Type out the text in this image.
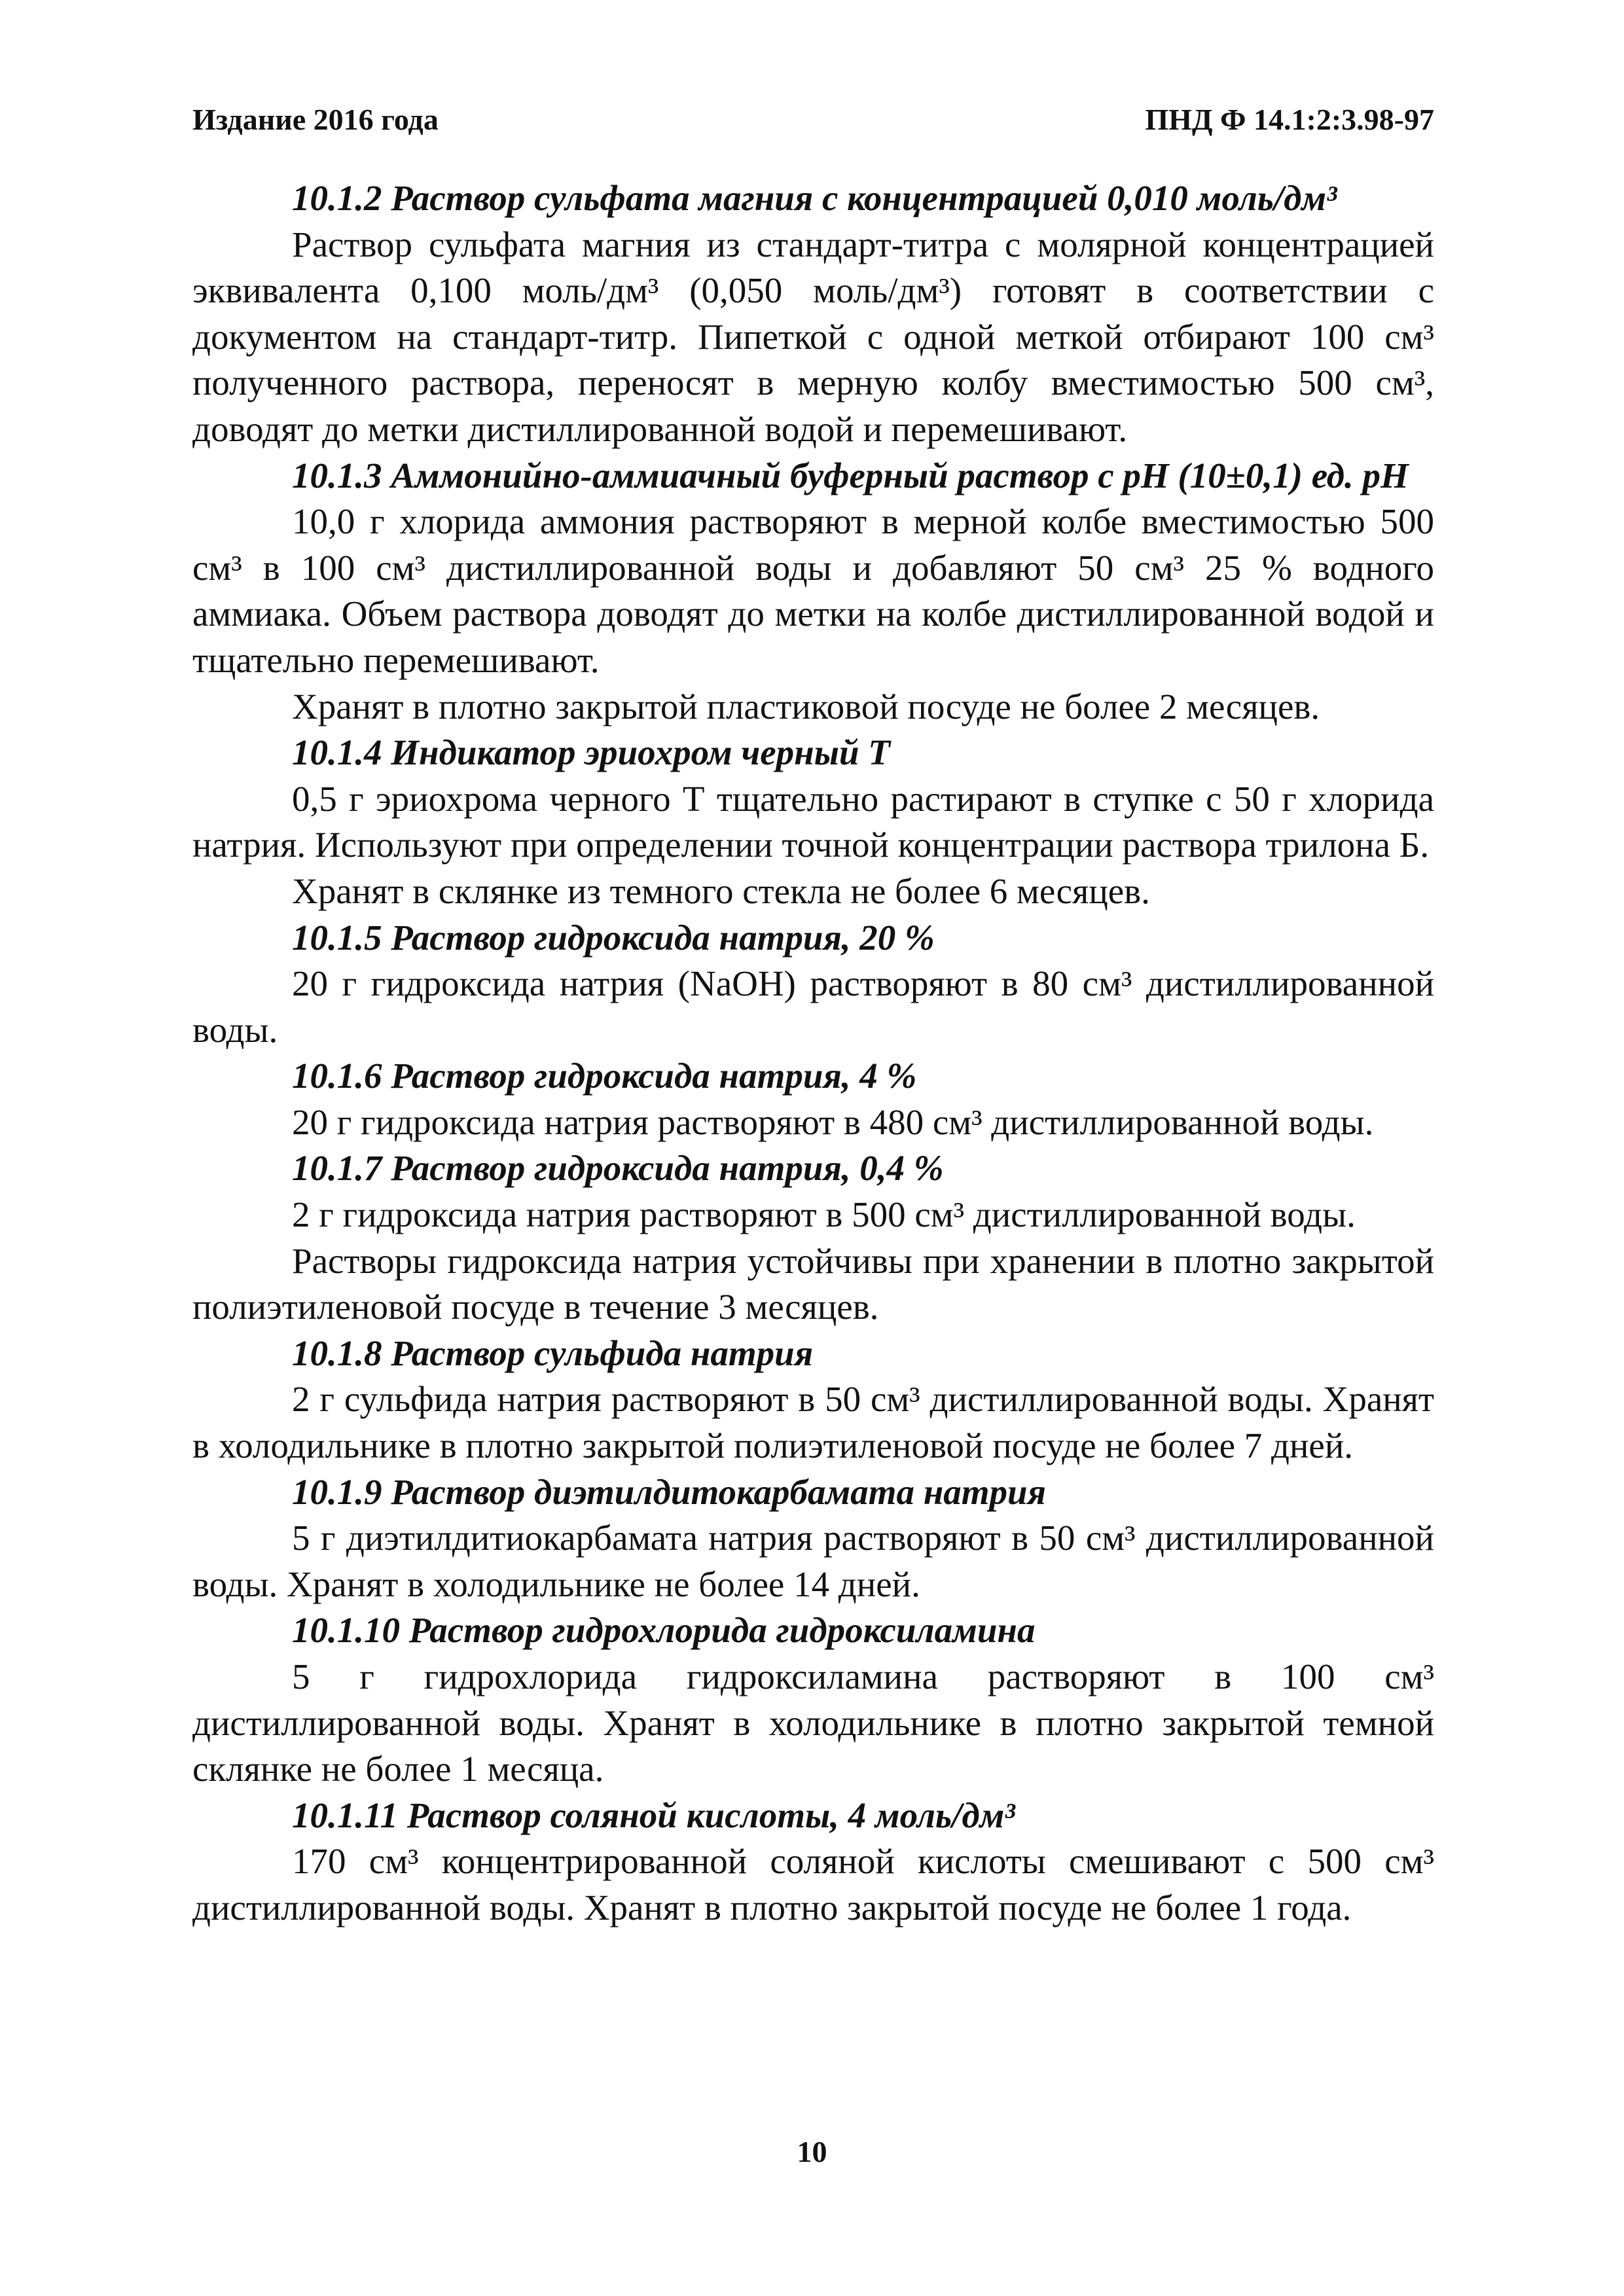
Издание 2016 года	ПНД Ф 14.1:2:3.98-97
10.1.2 Раствор сульфата магния с концентрацией 0,010 моль/дм³

Раствор сульфата магния из стандарт-титра с молярной концентрацией эквивалента 0,100 моль/дм³ (0,050 моль/дм³) готовят в соответствии с документом на стандарт-титр. Пипеткой с одной меткой отбирают 100 см³ полученного раствора, переносят в мерную колбу вместимостью 500 см³, доводят до метки дистиллированной водой и перемешивают.

10.1.3 Аммонийно-аммиачный буферный раствор с pH (10±0,1) ед. pH

10,0 г хлорида аммония растворяют в мерной колбе вместимостью 500 см³ в 100 см³ дистиллированной воды и добавляют 50 см³ 25 % водного аммиака. Объем раствора доводят до метки на колбе дистиллированной водой и тщательно перемешивают.

Хранят в плотно закрытой пластиковой посуде не более 2 месяцев.

10.1.4 Индикатор эриохром черный Т

0,5 г эриохрома черного Т тщательно растирают в ступке с 50 г хлорида натрия. Используют при определении точной концентрации раствора трилона Б.

Хранят в склянке из темного стекла не более 6 месяцев.

10.1.5 Раствор гидроксида натрия, 20 %

20 г гидроксида натрия (NaOH) растворяют в 80 см³ дистиллированной воды.

10.1.6 Раствор гидроксида натрия, 4 %

20 г гидроксида натрия растворяют в 480 см³ дистиллированной воды.

10.1.7 Раствор гидроксида натрия, 0,4 %

2 г гидроксида натрия растворяют в 500 см³ дистиллированной воды.

Растворы гидроксида натрия устойчивы при хранении в плотно закрытой полиэтиленовой посуде в течение 3 месяцев.

10.1.8 Раствор сульфида натрия

2 г сульфида натрия растворяют в 50 см³ дистиллированной воды. Хранят в холодильнике в плотно закрытой полиэтиленовой посуде не более 7 дней.

10.1.9 Раствор диэтилдитокарбамата натрия

5 г диэтилдитиокарбамата натрия растворяют в 50 см³ дистиллированной воды. Хранят в холодильнике не более 14 дней.

10.1.10 Раствор гидрохлорида гидроксиламина

5 г гидрохлорида гидроксиламина растворяют в 100 см³ дистиллированной воды. Хранят в холодильнике в плотно закрытой темной склянке не более 1 месяца.

10.1.11 Раствор соляной кислоты, 4 моль/дм³

170 см³ концентрированной соляной кислоты смешивают с 500 см³ дистиллированной воды. Хранят в плотно закрытой посуде не более 1 года.

10
